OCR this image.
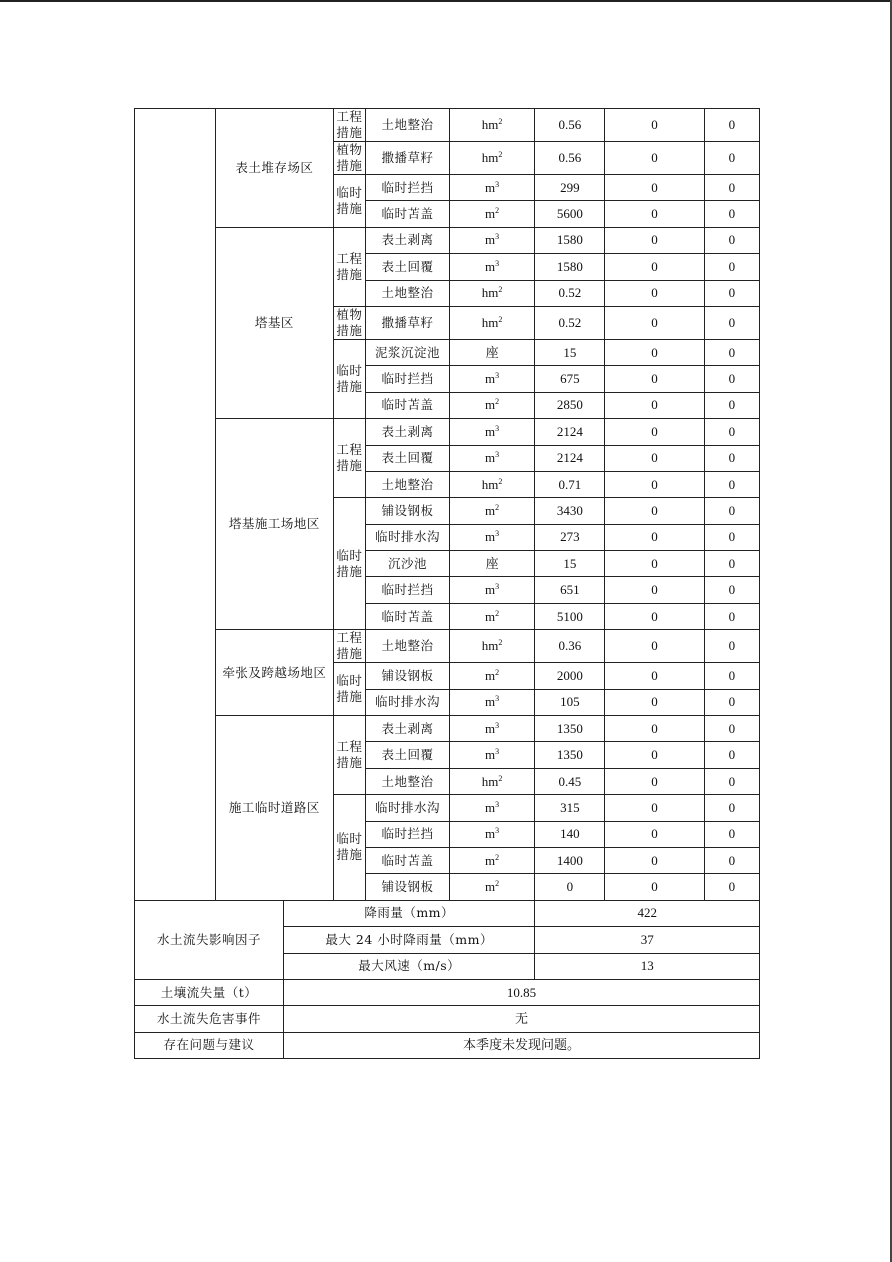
	表土堆存场区		工程措施	土地整治	$hm^2$	0.56	0	0
			植物措施	撒播草籽	$hm^2$	0.56	0	0
			临时措施	临时拦挡	$m^3$	299	0	0
				临时苫盖	$m^2$	5600	0	0
	塔基区		工程措施	表土剥离	$m^3$	1580	0	0
				表土回覆	$m^3$	1580	0	0
				土地整治	$hm^2$	0.52	0	0
			植物措施	撒播草籽	$hm^2$	0.52	0	0
			临时措施	泥浆沉淀池	座	15	0	0
				临时拦挡	$m^3$	675	0	0
				临时苫盖	$m^2$	2850	0	0
	塔基施工场地区		工程措施	表土剥离	$m^3$	2124	0	0
				表土回覆	$m^3$	2124	0	0
				土地整治	$hm^2$	0.71	0	0
			临时措施	铺设钢板	$m^2$	3430	0	0
				临时排水沟	$m^3$	273	0	0
				沉沙池	座	15	0	0
				临时拦挡	$m^3$	651	0	0
				临时苫盖	$m^2$	5100	0	0
	牵张及跨越场地区		工程措施	土地整治	$hm^2$	0.36	0	0
			临时措施	铺设钢板	$m^2$	2000	0	0
				临时排水沟	$m^3$	105	0	0
	施工临时道路区		工程措施	表土剥离	$m^3$	1350	0	0
				表土回覆	$m^3$	1350	0	0
				土地整治	$hm^2$	0.45	0	0
			临时措施	临时排水沟	$m^3$	315	0	0
				临时拦挡	$m^3$	140	0	0
				临时苫盖	$m^2$	1400	0	0
				铺设钢板	$m^2$	0	0	0
水土流失影响因子		降雨量（mm）				422		
		最大 24 小时降雨量（mm）				37		
		最大风速（m/s）				13		
土壤流失量（t）		10.85						
水土流失危害事件		无						
存在问题与建议		本季度未发现问题。						
